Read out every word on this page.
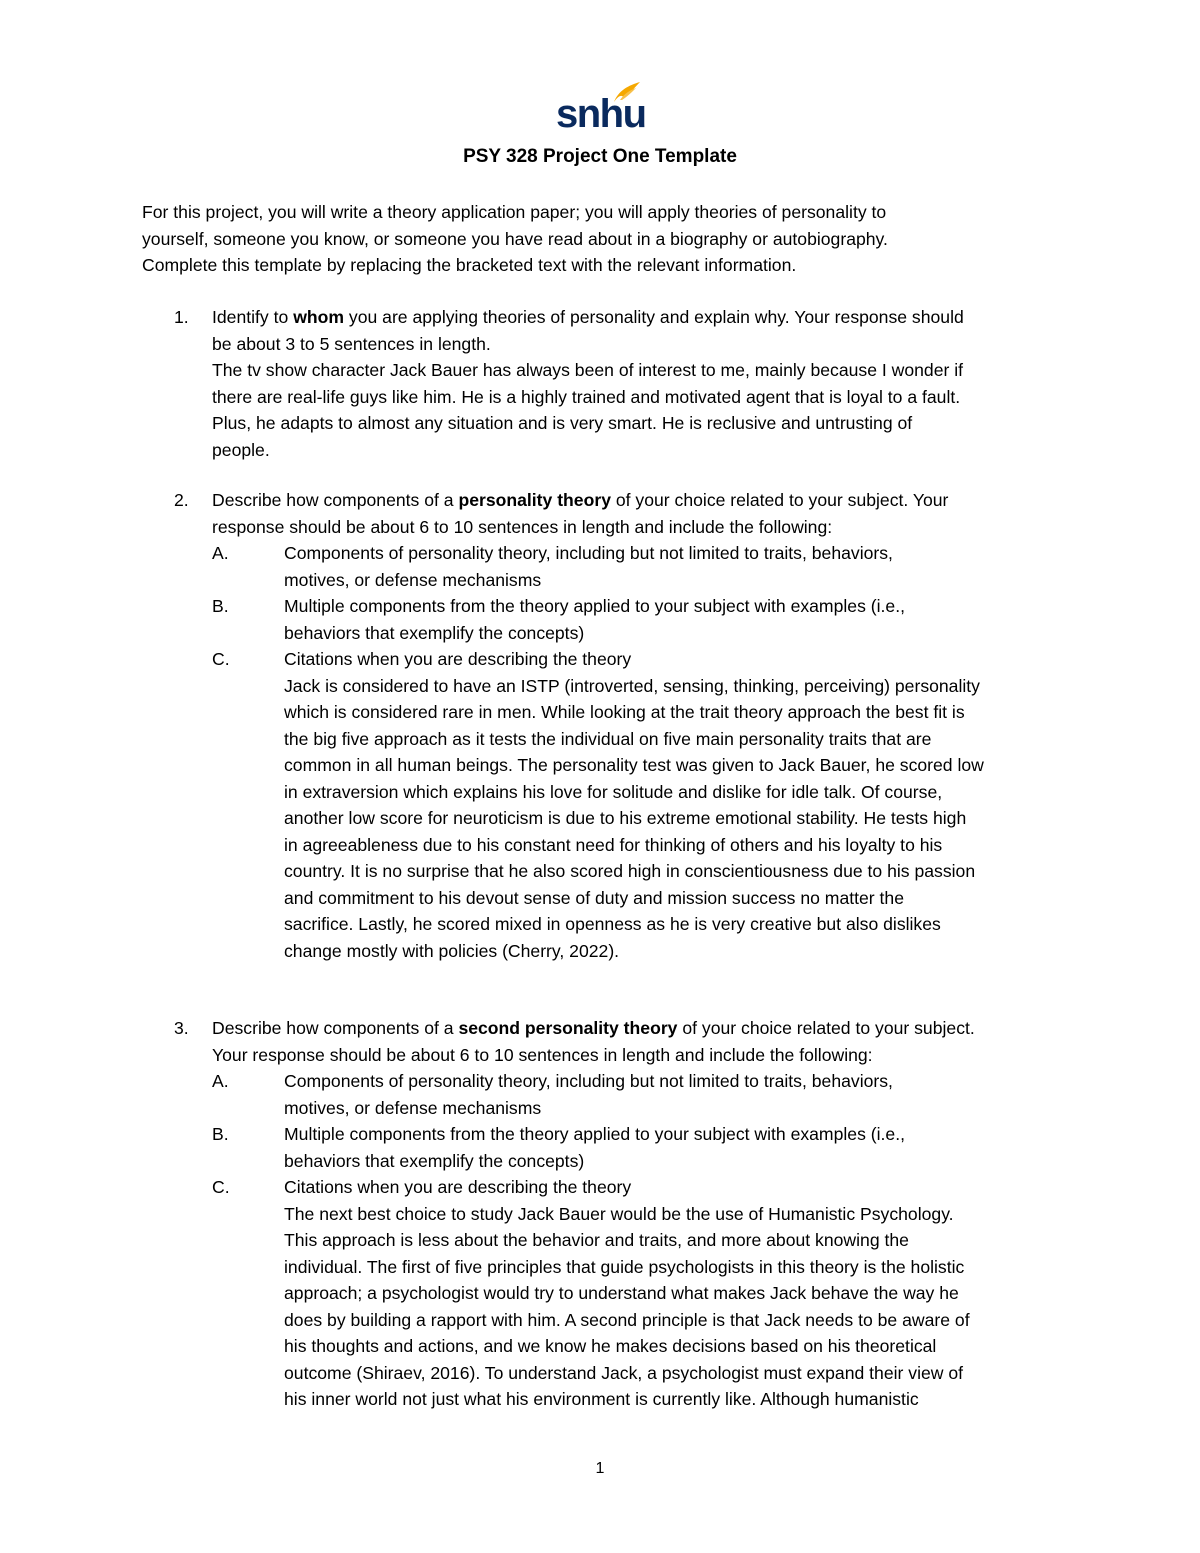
snhu
PSY 328 Project One Template
For this project, you will write a theory application paper; you will apply theories of personality to
yourself, someone you know, or someone you have read about in a biography or autobiography.
Complete this template by replacing the bracketed text with the relevant information.
1. Identify to whom you are applying theories of personality and explain why. Your response should
be about 3 to 5 sentences in length.
The tv show character Jack Bauer has always been of interest to me, mainly because I wonder if
there are real-life guys like him. He is a highly trained and motivated agent that is loyal to a fault.
Plus, he adapts to almost any situation and is very smart. He is reclusive and untrusting of
people.
2. Describe how components of a personality theory of your choice related to your subject. Your
response should be about 6 to 10 sentences in length and include the following:
A.	Components of personality theory, including but not limited to traits, behaviors,
motives, or defense mechanisms
B.	Multiple components from the theory applied to your subject with examples (i.e.,
behaviors that exemplify the concepts)
C.	Citations when you are describing the theory
Jack is considered to have an ISTP (introverted, sensing, thinking, perceiving) personality
which is considered rare in men. While looking at the trait theory approach the best fit is
the big five approach as it tests the individual on five main personality traits that are
common in all human beings. The personality test was given to Jack Bauer, he scored low
in extraversion which explains his love for solitude and dislike for idle talk. Of course,
another low score for neuroticism is due to his extreme emotional stability. He tests high
in agreeableness due to his constant need for thinking of others and his loyalty to his
country. It is no surprise that he also scored high in conscientiousness due to his passion
and commitment to his devout sense of duty and mission success no matter the
sacrifice. Lastly, he scored mixed in openness as he is very creative but also dislikes
change mostly with policies (Cherry, 2022).
3. Describe how components of a second personality theory of your choice related to your subject.
Your response should be about 6 to 10 sentences in length and include the following:
A.	Components of personality theory, including but not limited to traits, behaviors,
motives, or defense mechanisms
B.	Multiple components from the theory applied to your subject with examples (i.e.,
behaviors that exemplify the concepts)
C.	Citations when you are describing the theory
The next best choice to study Jack Bauer would be the use of Humanistic Psychology.
This approach is less about the behavior and traits, and more about knowing the
individual. The first of five principles that guide psychologists in this theory is the holistic
approach; a psychologist would try to understand what makes Jack behave the way he
does by building a rapport with him. A second principle is that Jack needs to be aware of
his thoughts and actions, and we know he makes decisions based on his theoretical
outcome (Shiraev, 2016). To understand Jack, a psychologist must expand their view of
his inner world not just what his environment is currently like. Although humanistic
1
